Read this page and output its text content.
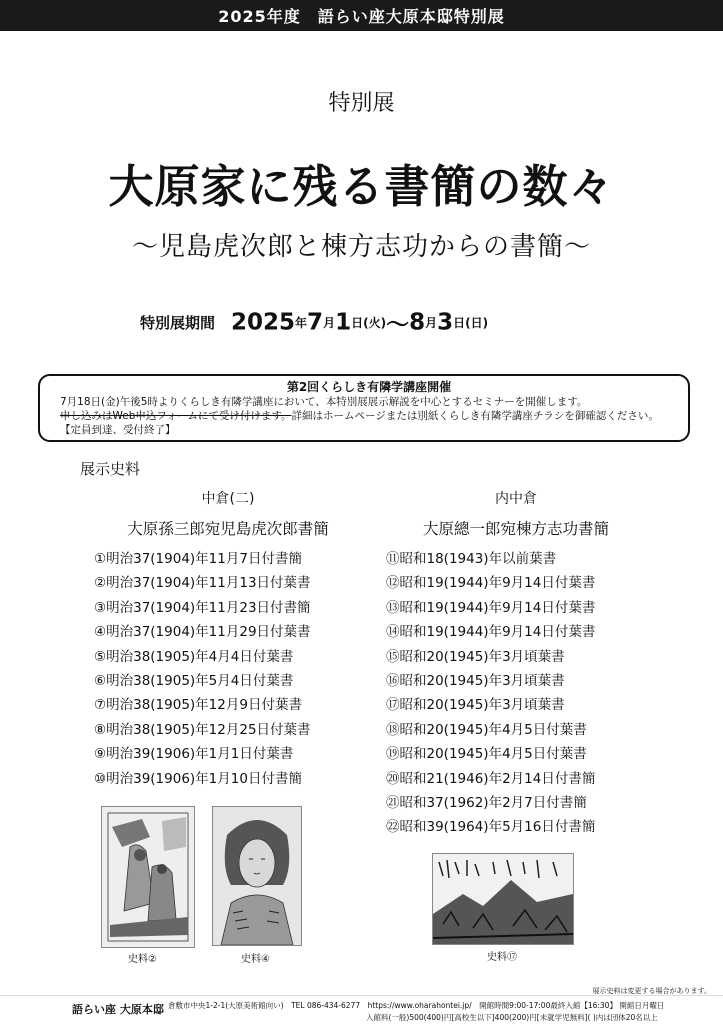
2025年度　語らい座大原本邸特別展
特別展
大原家に残る書簡の数々
～児島虎次郎と棟方志功からの書簡～
特別展期間 2025年7月1日(火)～8月3日(日)
第2回くらしき有隣学講座開催
7月18日(金)午後5時よりくらしき有隣学講座において、本特別展展示解説を中心とするセミナーを開催します。
申し込みはWeb申込フォームにて受け付けます。詳細はホームページまたは別紙くらしき有隣学講座チラシを御確認ください。
【定員到達、受付終了】
展示史料
中倉(二)
大原孫三郎宛児島虎次郎書簡
①明治37(1904)年11月7日付書簡
②明治37(1904)年11月13日付葉書
③明治37(1904)年11月23日付書簡
④明治37(1904)年11月29日付葉書
⑤明治38(1905)年4月4日付葉書
⑥明治38(1905)年5月4日付葉書
⑦明治38(1905)年12月9日付葉書
⑧明治38(1905)年12月25日付葉書
⑨明治39(1906)年1月1日付葉書
⑩明治39(1906)年1月10日付書簡
内中倉
大原總一郎宛棟方志功書簡
⑪昭和18(1943)年以前葉書
⑫昭和19(1944)年9月14日付葉書
⑬昭和19(1944)年9月14日付葉書
⑭昭和19(1944)年9月14日付葉書
⑮昭和20(1945)年3月頃葉書
⑯昭和20(1945)年3月頃葉書
⑰昭和20(1945)年3月頃葉書
⑱昭和20(1945)年4月5日付葉書
⑲昭和20(1945)年4月5日付葉書
⑳昭和21(1946)年2月14日付書簡
㉑昭和37(1962)年2月7日付書簡
㉒昭和39(1964)年5月16日付書簡
史料②	史料④	史料⑰
展示史料は変更する場合があります。
語らい座 大原本邸 倉敷市中央1-2-1(大原美術館向い)　TEL 086-434-6277　https://www.oharahontei.jp/　開館時間9:00-17:00最終入館【16:30】 開館日月曜日
入館料(一般)500(400)円[高校生以下]400(200)円[未就学児無料]( )内は団体20名以上
